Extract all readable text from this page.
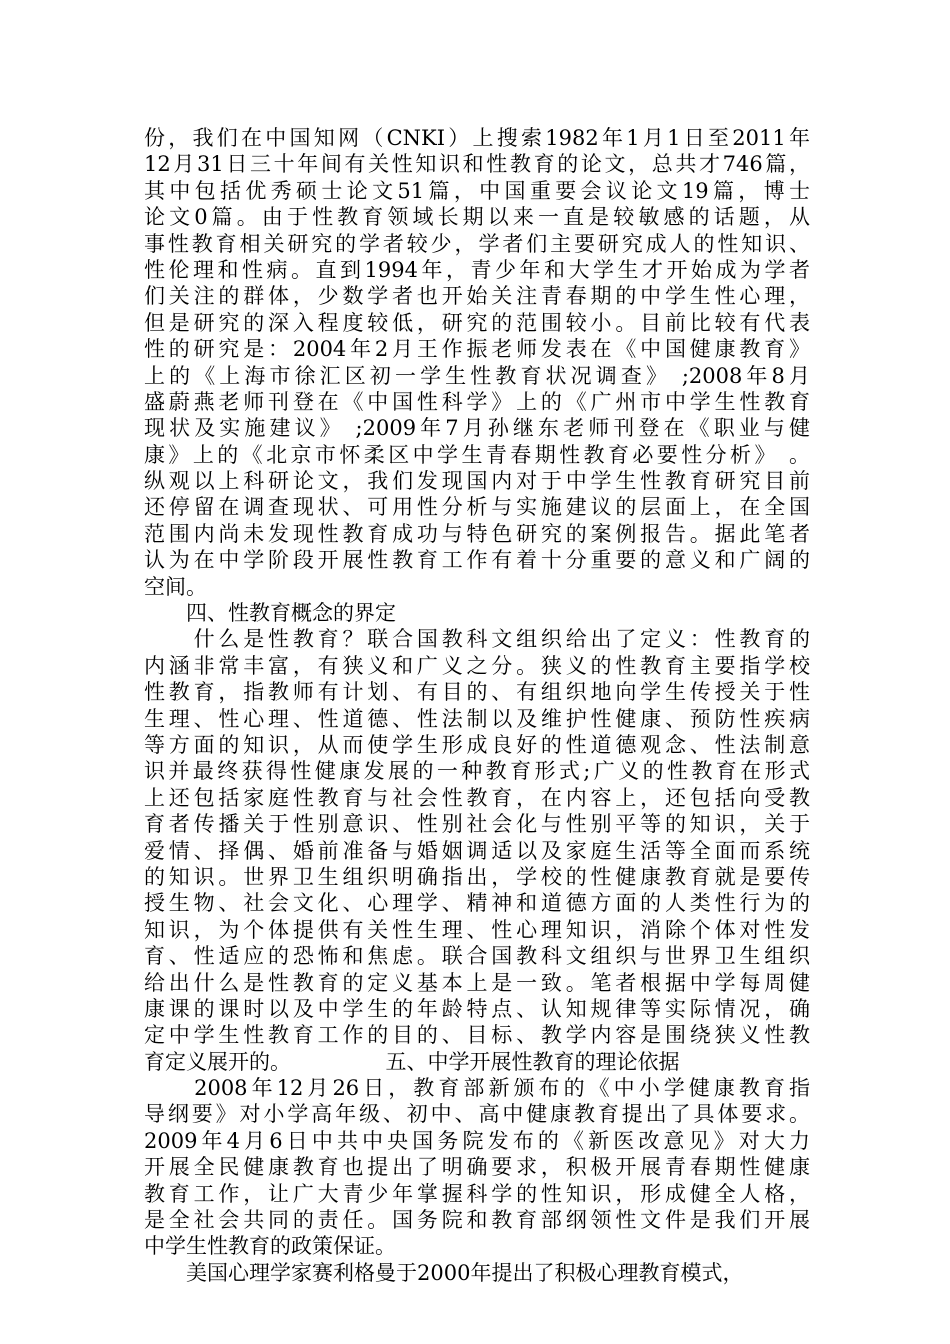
份，我们在中国知网（CNKI）上搜索1982年1月1日至2011年
12月31日三十年间有关性知识和性教育的论文，总共才746篇，
其中包括优秀硕士论文51篇，中国重要会议论文19篇，博士
论文0篇。由于性教育领域长期以来一直是较敏感的话题，从
事性教育相关研究的学者较少，学者们主要研究成人的性知识、
性伦理和性病。直到1994年，青少年和大学生才开始成为学者
们关注的群体，少数学者也开始关注青春期的中学生性心理，
但是研究的深入程度较低，研究的范围较小。目前比较有代表
性的研究是：2004年2月王作振老师发表在《中国健康教育》
上的《上海市徐汇区初一学生性教育状况调查》 ;2008年8月
盛蔚燕老师刊登在《中国性科学》上的《广州市中学生性教育
现状及实施建议》 ;2009年7月孙继东老师刊登在《职业与健
康》上的《北京市怀柔区中学生青春期性教育必要性分析》 。
纵观以上科研论文，我们发现国内对于中学生性教育研究目前
还停留在调查现状、可用性分析与实施建议的层面上，在全国
范围内尚未发现性教育成功与特色研究的案例报告。据此笔者
认为在中学阶段开展性教育工作有着十分重要的意义和广阔的
空间。
　　四、性教育概念的界定
　　什么是性教育？联合国教科文组织给出了定义：性教育的
内涵非常丰富，有狭义和广义之分。狭义的性教育主要指学校
性教育，指教师有计划、有目的、有组织地向学生传授关于性
生理、性心理、性道德、性法制以及维护性健康、预防性疾病
等方面的知识，从而使学生形成良好的性道德观念、性法制意
识并最终获得性健康发展的一种教育形式;广义的性教育在形式
上还包括家庭性教育与社会性教育，在内容上，还包括向受教
育者传播关于性别意识、性别社会化与性别平等的知识，关于
爱情、择偶、婚前准备与婚姻调适以及家庭生活等全面而系统
的知识。世界卫生组织明确指出，学校的性健康教育就是要传
授生物、社会文化、心理学、精神和道德方面的人类性行为的
知识，为个体提供有关性生理、性心理知识，消除个体对性发
育、性适应的恐怖和焦虑。联合国教科文组织与世界卫生组织
给出什么是性教育的定义基本上是一致。笔者根据中学每周健
康课的课时以及中学生的年龄特点、认知规律等实际情况，确
定中学生性教育工作的目的、目标、教学内容是围绕狭义性教
育定义展开的。　　　　　五、中学开展性教育的理论依据
　　2008年12月26日，教育部新颁布的《中小学健康教育指
导纲要》对小学高年级、初中、高中健康教育提出了具体要求。
2009年4月6日中共中央国务院发布的《新医改意见》对大力
开展全民健康教育也提出了明确要求，积极开展青春期性健康
教育工作，让广大青少年掌握科学的性知识，形成健全人格，
是全社会共同的责任。国务院和教育部纲领性文件是我们开展
中学生性教育的政策保证。
　　美国心理学家赛利格曼于2000年提出了积极心理教育模式，
